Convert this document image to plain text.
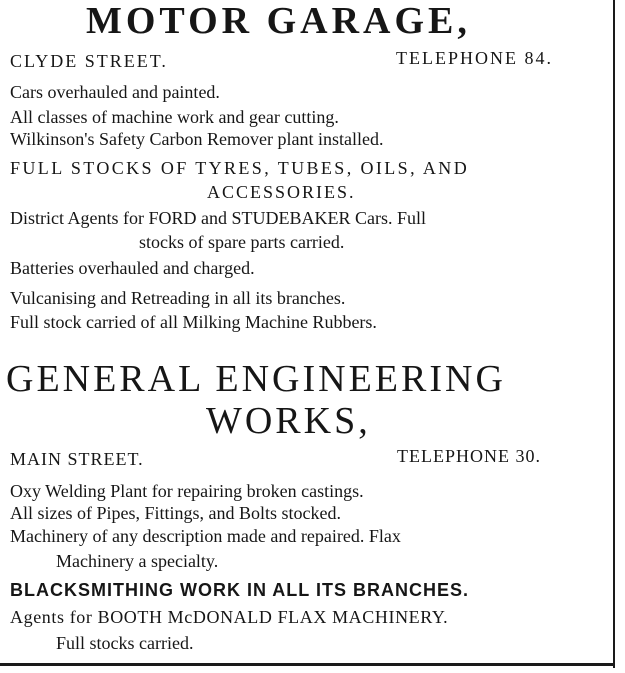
MOTOR GARAGE,
CLYDE STREET.	TELEPHONE 84.
Cars overhauled and painted.
All classes of machine work and gear cutting.
Wilkinson's Safety Carbon Remover plant installed.
FULL STOCKS OF TYRES, TUBES, OILS, AND
ACCESSORIES.
District Agents for FORD and STUDEBAKER Cars. Full
stocks of spare parts carried.
Batteries overhauled and charged.
Vulcanising and Retreading in all its branches.
Full stock carried of all Milking Machine Rubbers.
GENERAL ENGINEERING
WORKS,
MAIN STREET.	TELEPHONE 30.
Oxy Welding Plant for repairing broken castings.
All sizes of Pipes, Fittings, and Bolts stocked.
Machinery of any description made and repaired. Flax
Machinery a specialty.
BLACKSMITHING WORK IN ALL ITS BRANCHES.
Agents for BOOTH McDONALD FLAX MACHINERY.
Full stocks carried.
